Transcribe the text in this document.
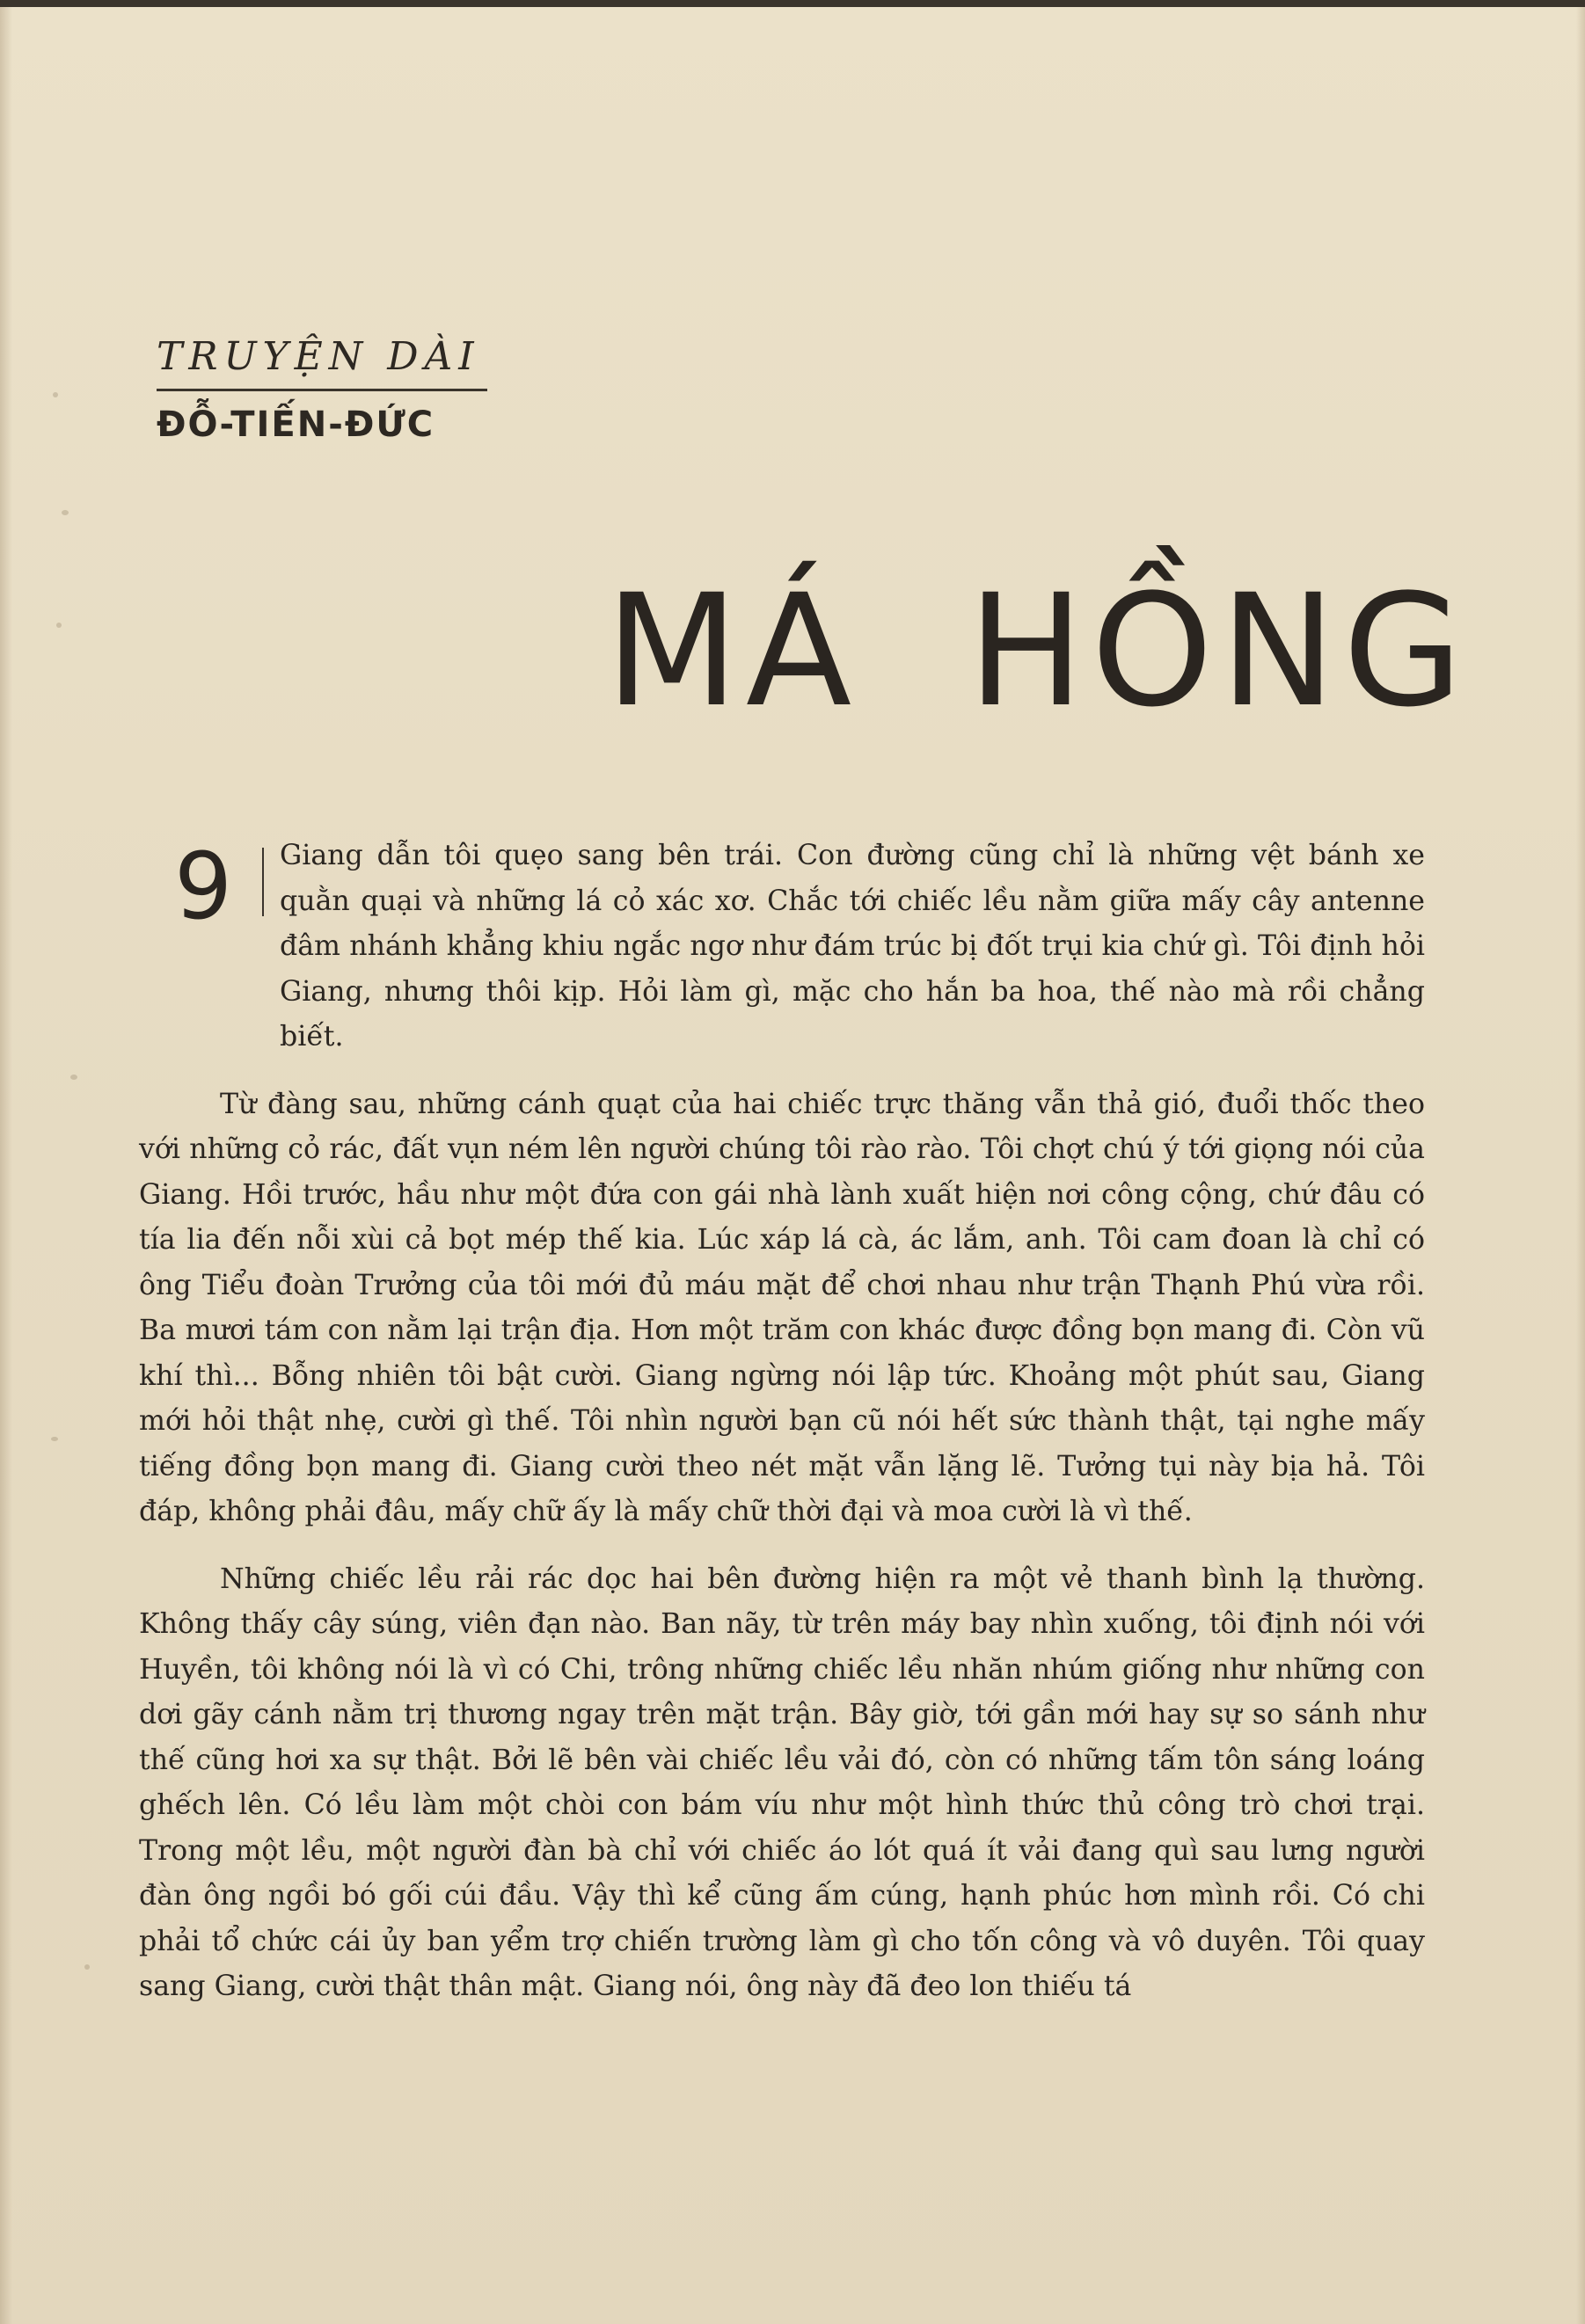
TRUYỆN DÀI
ĐỖ-TIẾN-ĐỨC
MÁ HỒNG

9 Giang dẫn tôi quẹo sang bên trái. Con đường cũng chỉ là những vệt bánh xe quằn quại và những lá cỏ xác xơ. Chắc tới chiếc lều nằm giữa mấy cây antenne đâm nhánh khẳng khiu ngắc ngơ như đám trúc bị đốt trụi kia chứ gì. Tôi định hỏi Giang, nhưng thôi kịp. Hỏi làm gì, mặc cho hắn ba hoa, thế nào mà rồi chẳng biết.

Từ đàng sau, những cánh quạt của hai chiếc trực thăng vẫn thả gió, đuổi thốc theo với những cỏ rác, đất vụn ném lên người chúng tôi rào rào. Tôi chợt chú ý tới giọng nói của Giang. Hồi trước, hầu như một đứa con gái nhà lành xuất hiện nơi công cộng, chứ đâu có tía lia đến nỗi xùi cả bọt mép thế kia. Lúc xáp lá cà, ác lắm, anh. Tôi cam đoan là chỉ có ông Tiểu đoàn Trưởng của tôi mới đủ máu mặt để chơi nhau như trận Thạnh Phú vừa rồi. Ba mươi tám con nằm lại trận địa. Hơn một trăm con khác được đồng bọn mang đi. Còn vũ khí thì... Bỗng nhiên tôi bật cười. Giang ngừng nói lập tức. Khoảng một phút sau, Giang mới hỏi thật nhẹ, cười gì thế. Tôi nhìn người bạn cũ nói hết sức thành thật, tại nghe mấy tiếng đồng bọn mang đi. Giang cười theo nét mặt vẫn lặng lẽ. Tưởng tụi này bịa hả. Tôi đáp, không phải đâu, mấy chữ ấy là mấy chữ thời đại và moa cười là vì thế.

Những chiếc lều rải rác dọc hai bên đường hiện ra một vẻ thanh bình lạ thường. Không thấy cây súng, viên đạn nào. Ban nãy, từ trên máy bay nhìn xuống, tôi định nói với Huyền, tôi không nói là vì có Chi, trông những chiếc lều nhăn nhúm giống như những con dơi gãy cánh nằm trị thương ngay trên mặt trận. Bây giờ, tới gần mới hay sự so sánh như thế cũng hơi xa sự thật. Bởi lẽ bên vài chiếc lều vải đó, còn có những tấm tôn sáng loáng ghếch lên. Có lều làm một chòi con bám víu như một hình thức thủ công trò chơi trại. Trong một lều, một người đàn bà chỉ với chiếc áo lót quá ít vải đang quì sau lưng người đàn ông ngồi bó gối cúi đầu. Vậy thì kể cũng ấm cúng, hạnh phúc hơn mình rồi. Có chi phải tổ chức cái ủy ban yểm trợ chiến trường làm gì cho tốn công và vô duyên. Tôi quay sang Giang, cười thật thân mật. Giang nói, ông này đã đeo lon thiếu tá
